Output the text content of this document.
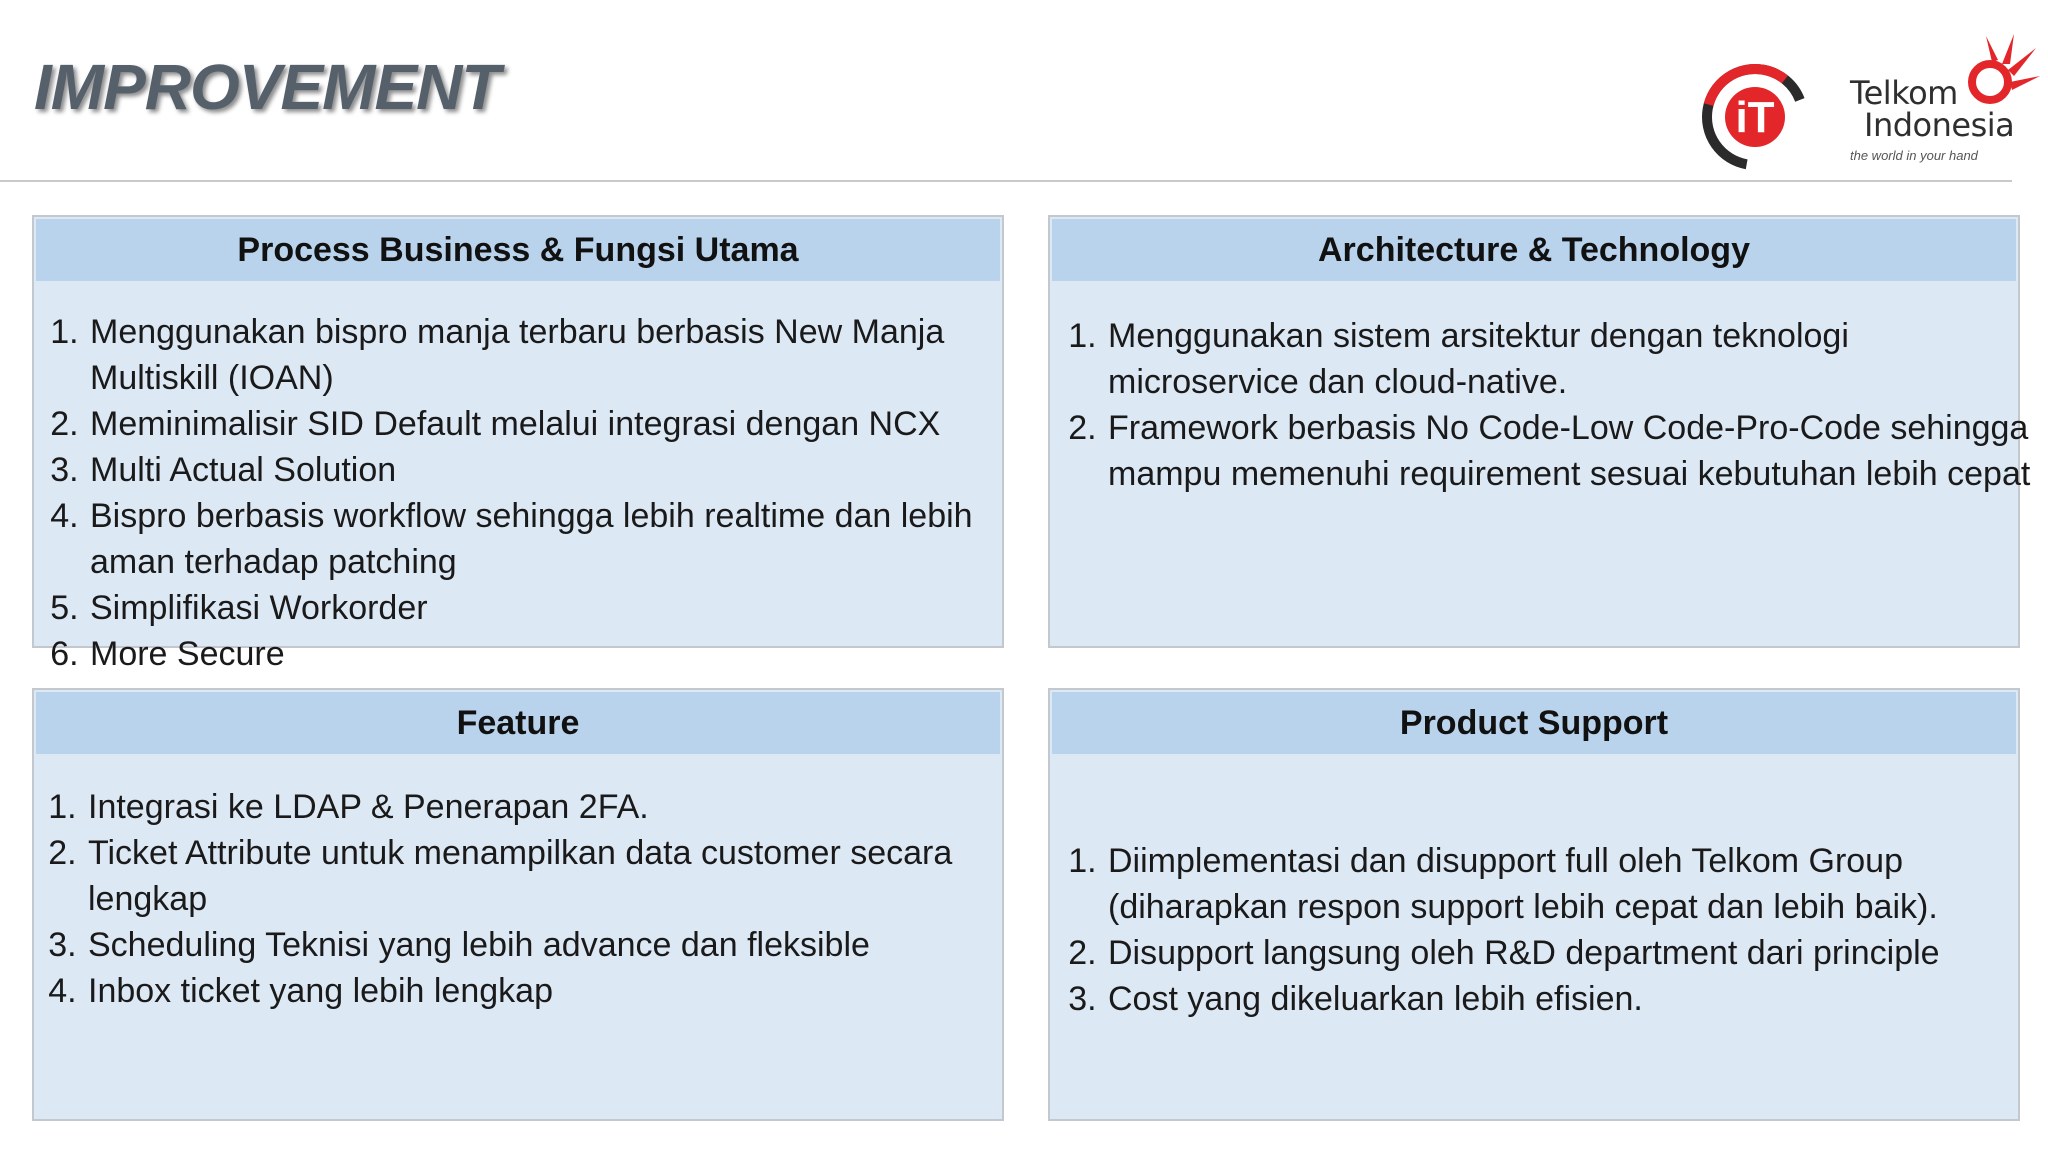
IMPROVEMENT	iT Telkom
Indonesia
the world in your hand
Process Business & Fungsi Utama
1. Menggunakan bispro manja terbaru berbasis New Manja Multiskill (IOAN)
2. Meminimalisir SID Default melalui integrasi dengan NCX
3. Multi Actual Solution
4. Bispro berbasis workflow sehingga lebih realtime dan lebih aman terhadap patching
5. Simplifikasi Workorder
6. More Secure
Architecture & Technology
1. Menggunakan sistem arsitektur dengan teknologi microservice dan cloud-native.
2. Framework berbasis No Code-Low Code-Pro-Code sehingga mampu memenuhi requirement sesuai kebutuhan lebih cepat
Feature
1. Integrasi ke LDAP & Penerapan 2FA.
2. Ticket Attribute untuk menampilkan data customer secara lengkap
3. Scheduling Teknisi yang lebih advance dan fleksible
4. Inbox ticket yang lebih lengkap
Product Support
1. Diimplementasi dan disupport full oleh Telkom Group (diharapkan respon support lebih cepat dan lebih baik).
2. Disupport langsung oleh R&D department dari principle
3. Cost yang dikeluarkan lebih efisien.
